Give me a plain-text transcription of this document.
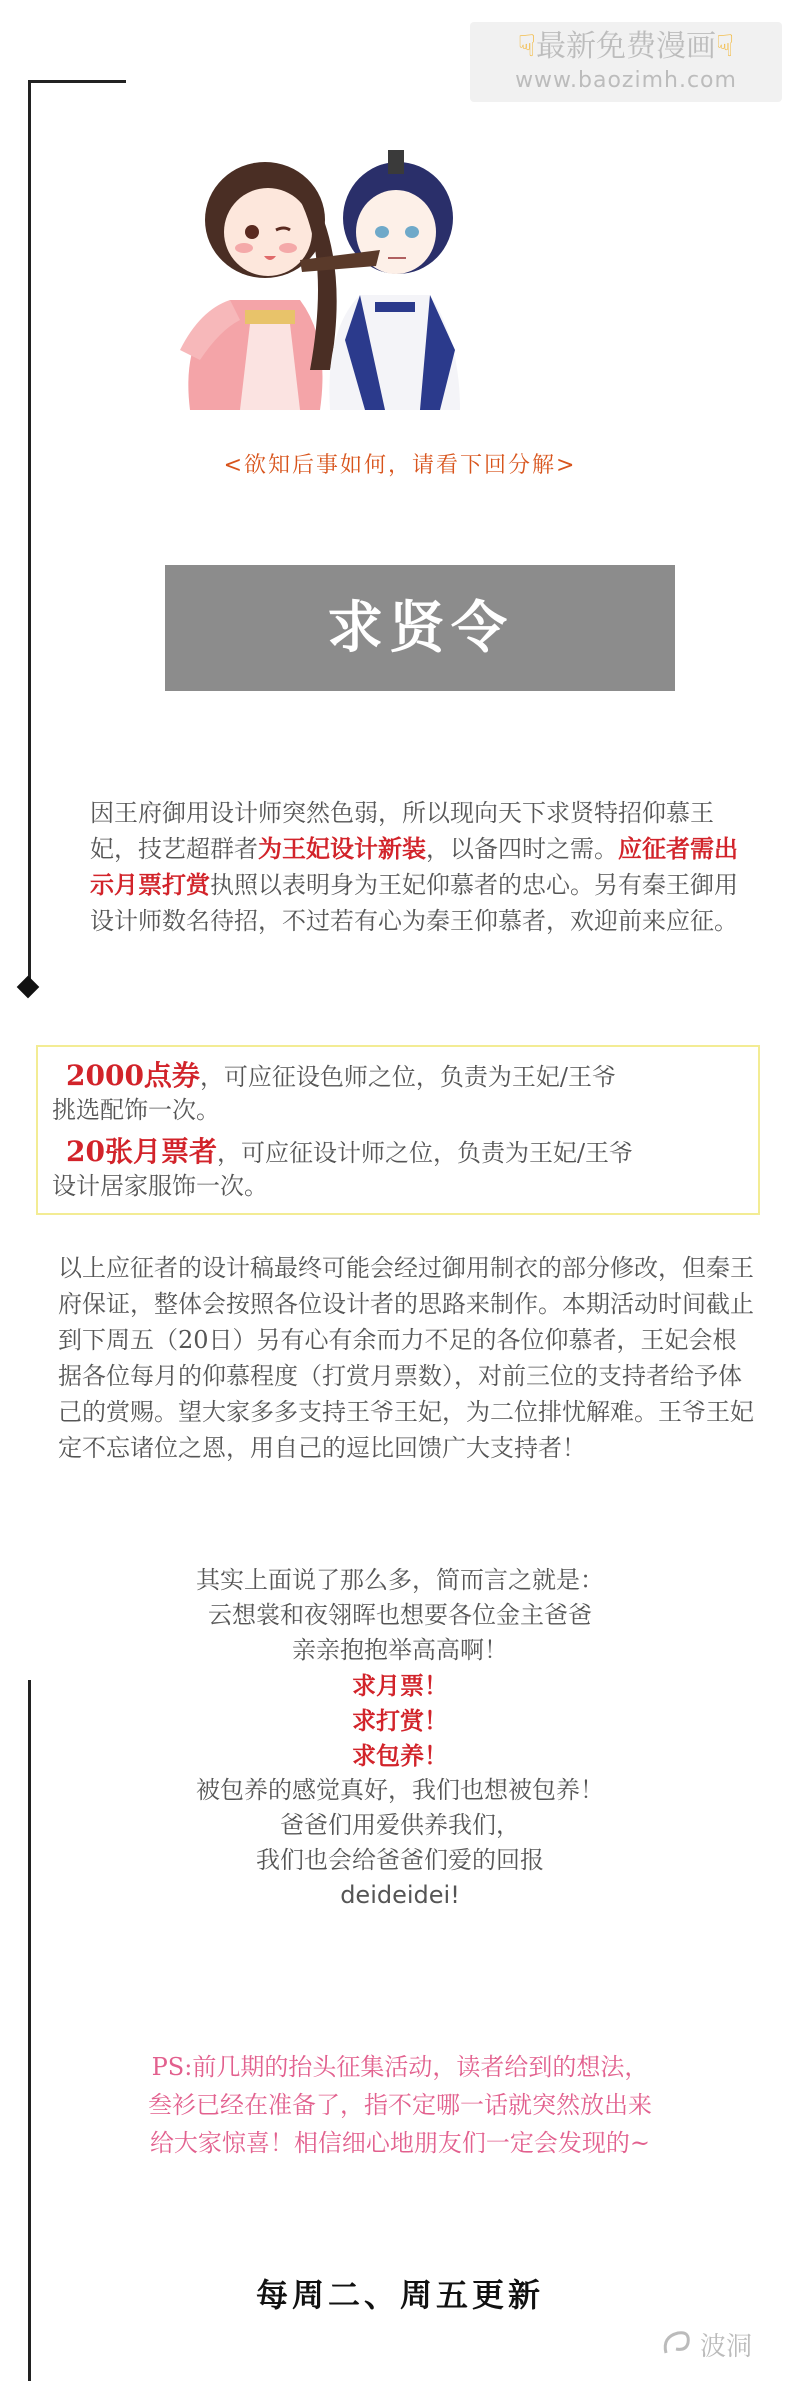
☟最新免费漫画☟
www.baozimh.com
<欲知后事如何，请看下回分解>
求贤令
因王府御用设计师突然色弱，所以现向天下求贤特招仰慕王妃，技艺超群者为王妃设计新装，以备四时之需。应征者需出示月票打赏执照以表明身为王妃仰慕者的忠心。另有秦王御用设计师数名待招，不过若有心为秦王仰慕者，欢迎前来应征。
2000点券，可应征设色师之位，负责为王妃/王爷
挑选配饰一次。
20张月票者，可应征设计师之位，负责为王妃/王爷
设计居家服饰一次。
以上应征者的设计稿最终可能会经过御用制衣的部分修改，但秦王府保证，整体会按照各位设计者的思路来制作。本期活动时间截止到下周五（20日）另有心有余而力不足的各位仰慕者，王妃会根据各位每月的仰慕程度（打赏月票数），对前三位的支持者给予体己的赏赐。望大家多多支持王爷王妃，为二位排忧解难。王爷王妃定不忘诸位之恩，用自己的逗比回馈广大支持者！
其实上面说了那么多，简而言之就是：
云想裳和夜翎晖也想要各位金主爸爸
亲亲抱抱举高高啊！
求月票！
求打赏！
求包养！
被包养的感觉真好，我们也想被包养！
爸爸们用爱供养我们，
我们也会给爸爸们爱的回报
deideidei!
PS:前几期的抬头征集活动，读者给到的想法，
叁衫已经在准备了，指不定哪一话就突然放出来
给大家惊喜！相信细心地朋友们一定会发现的~
每周二、周五更新
波洞
